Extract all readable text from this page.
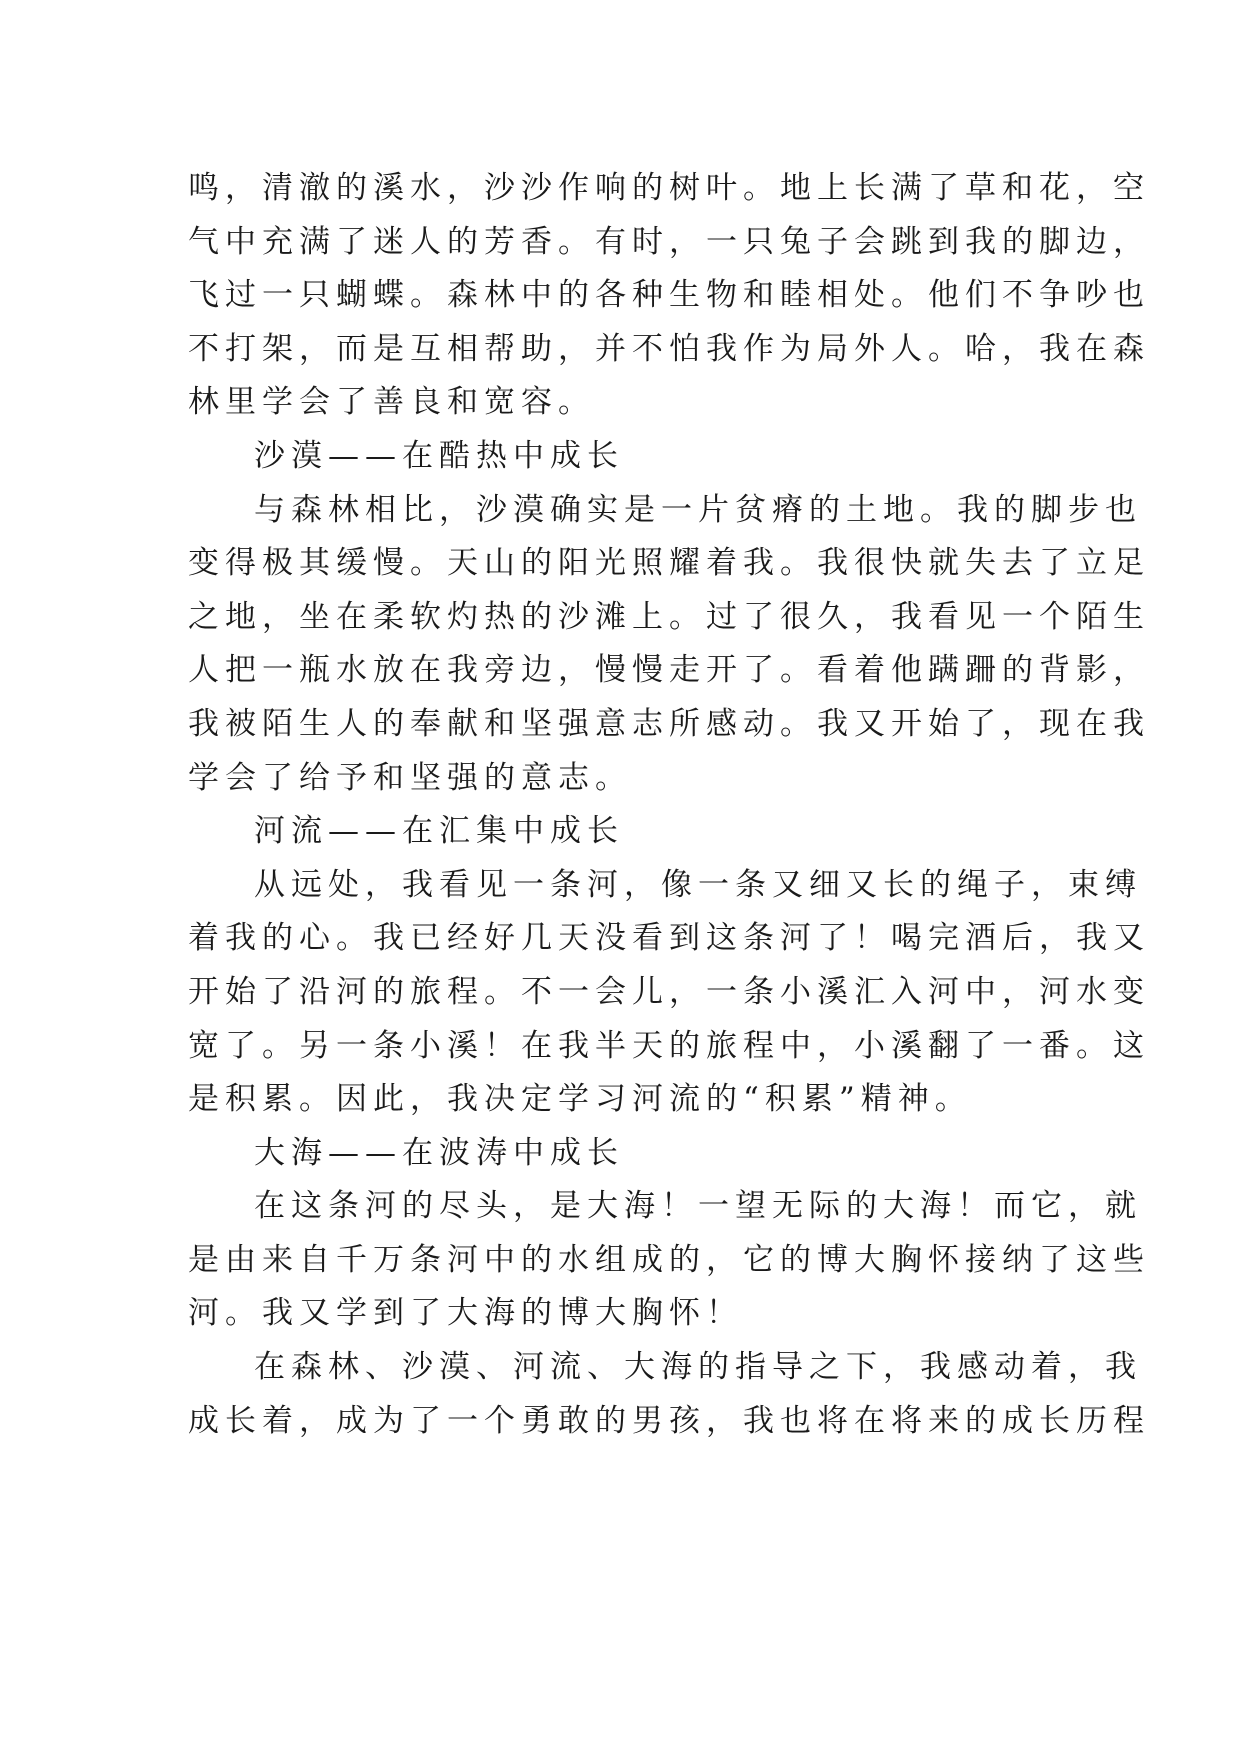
鸣，清澈的溪水，沙沙作响的树叶。地上长满了草和花，空
气中充满了迷人的芳香。有时，一只兔子会跳到我的脚边，
飞过一只蝴蝶。森林中的各种生物和睦相处。他们不争吵也
不打架，而是互相帮助，并不怕我作为局外人。哈，我在森
林里学会了善良和宽容。
沙漠——在酷热中成长
与森林相比，沙漠确实是一片贫瘠的土地。我的脚步也
变得极其缓慢。天山的阳光照耀着我。我很快就失去了立足
之地，坐在柔软灼热的沙滩上。过了很久，我看见一个陌生
人把一瓶水放在我旁边，慢慢走开了。看着他蹒跚的背影，
我被陌生人的奉献和坚强意志所感动。我又开始了，现在我
学会了给予和坚强的意志。
河流——在汇集中成长
从远处，我看见一条河，像一条又细又长的绳子，束缚
着我的心。我已经好几天没看到这条河了！喝完酒后，我又
开始了沿河的旅程。不一会儿，一条小溪汇入河中，河水变
宽了。另一条小溪！在我半天的旅程中，小溪翻了一番。这
是积累。因此，我决定学习河流的“积累”精神。
大海——在波涛中成长
在这条河的尽头，是大海！一望无际的大海！而它，就
是由来自千万条河中的水组成的，它的博大胸怀接纳了这些
河。我又学到了大海的博大胸怀！
在森林、沙漠、河流、大海的指导之下，我感动着，我
成长着，成为了一个勇敢的男孩，我也将在将来的成长历程
